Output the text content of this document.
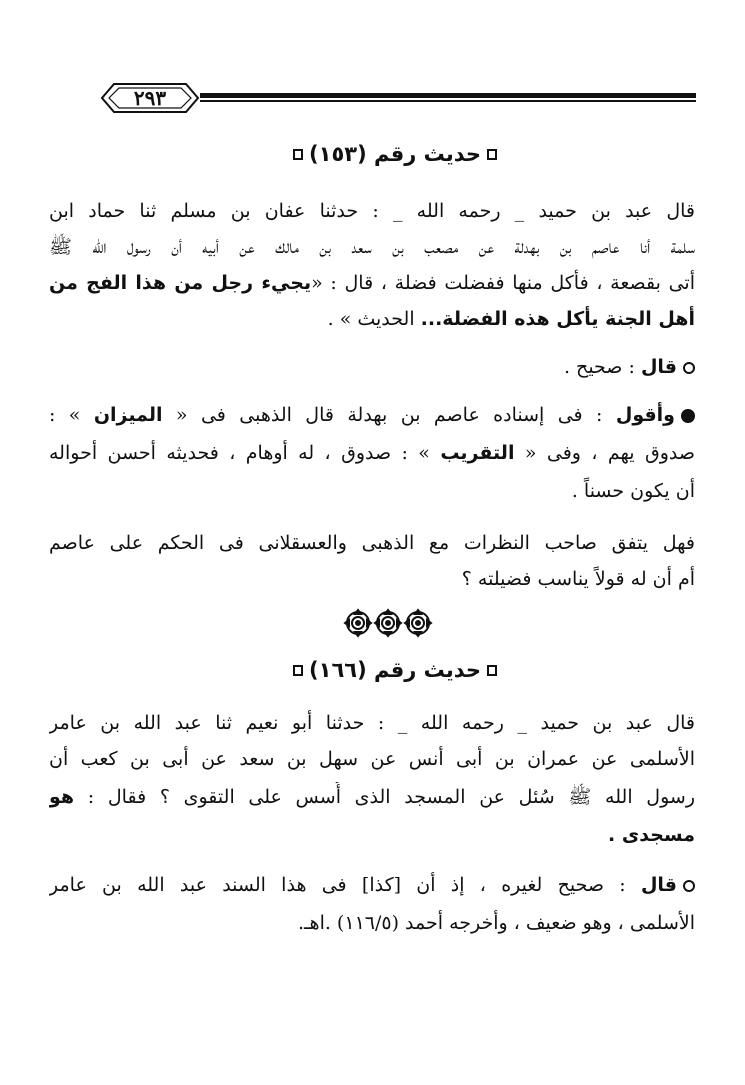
٢٩٣
حديث رقم (١٥٣)
قال عبد بن حميد _ رحمه الله _ : حدثنا عفان بن مسلم ثنا حماد ابن
سلمة أنا عاصم بن بهدلة عن مصعب بن سعد بن مالك عن أبيه أن رسول الله ﷺ
أتى بقصعة ، فأكل منها ففضلت فضلة ، قال : «يجيء رجل من هذا الفج من
أهل الجنة يأكل هذه الفضلة... الحديث » .
قال : صحيح .
وأقول : فى إسناده عاصم بن بهدلة قال الذهبى فى « الميزان » :
صدوق يهم ، وفى « التقريب » : صدوق ، له أوهام ، فحديثه أحسن أحواله
أن يكون حسناً .
فهل يتفق صاحب النظرات مع الذهبى والعسقلانى فى الحكم على عاصم
أم أن له قولاً يناسب فضيلته ؟
حديث رقم (١٦٦)
قال عبد بن حميد _ رحمه الله _ : حدثنا أبو نعيم ثنا عبد الله بن عامر
الأسلمى عن عمران بن أبى أنس عن سهل بن سعد عن أبى بن كعب أن
رسول الله ﷺ سُئل عن المسجد الذى أُسس على التقوى ؟ فقال : هو
مسجدى .
قال : صحيح لغيره ، إذ أن [كذا] فى هذا السند عبد الله بن عامر
الأسلمى ، وهو ضعيف ، وأخرجه أحمد (١١٦/٥) .اهـ.
